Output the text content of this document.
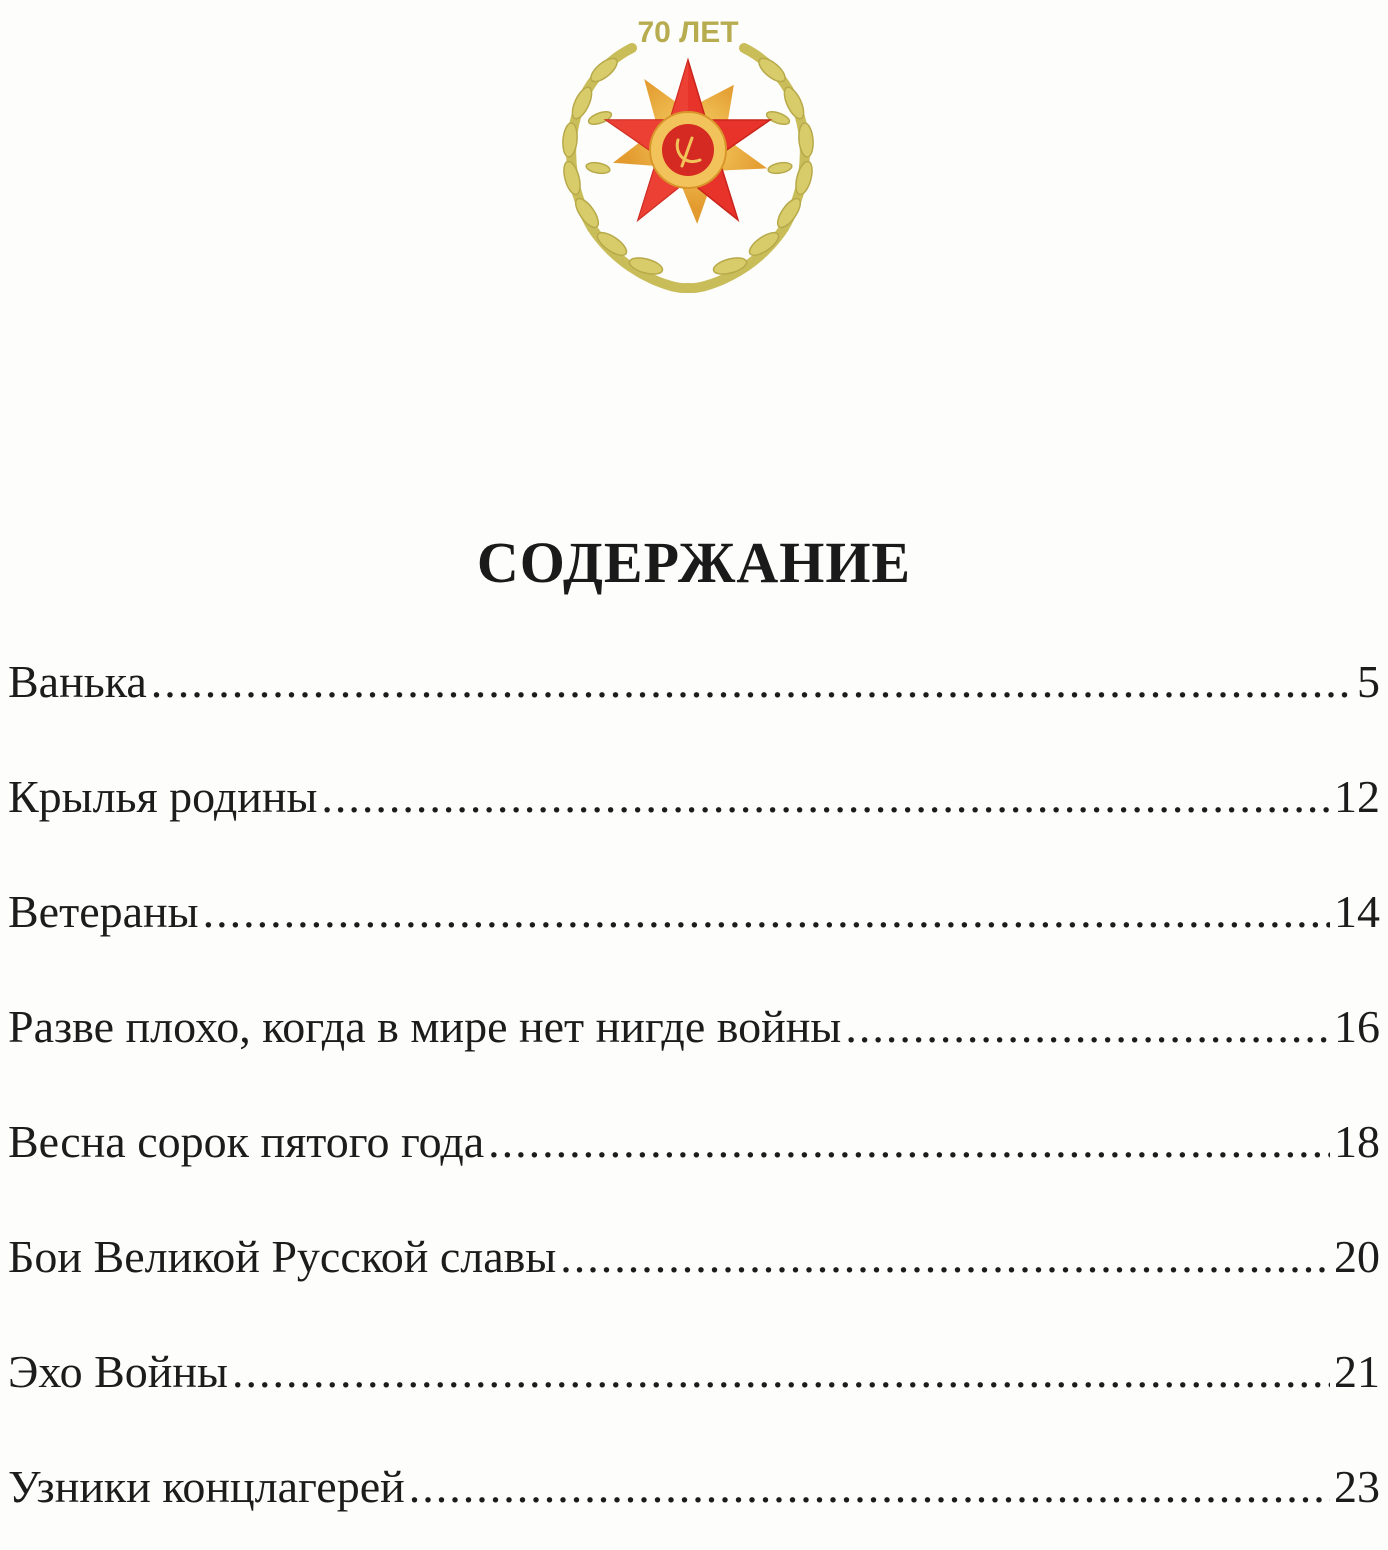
70 ЛЕТ
СОДЕРЖАНИЕ
Ванька .....	5
Крылья родины .....	12
Ветераны .....	14
Разве плохо, когда в мире нет нигде войны .....	16
Весна сорок пятого года .....	18
Бои Великой Русской славы .....	20
Эхо Войны .....	21
Узники концлагерей .....	23
